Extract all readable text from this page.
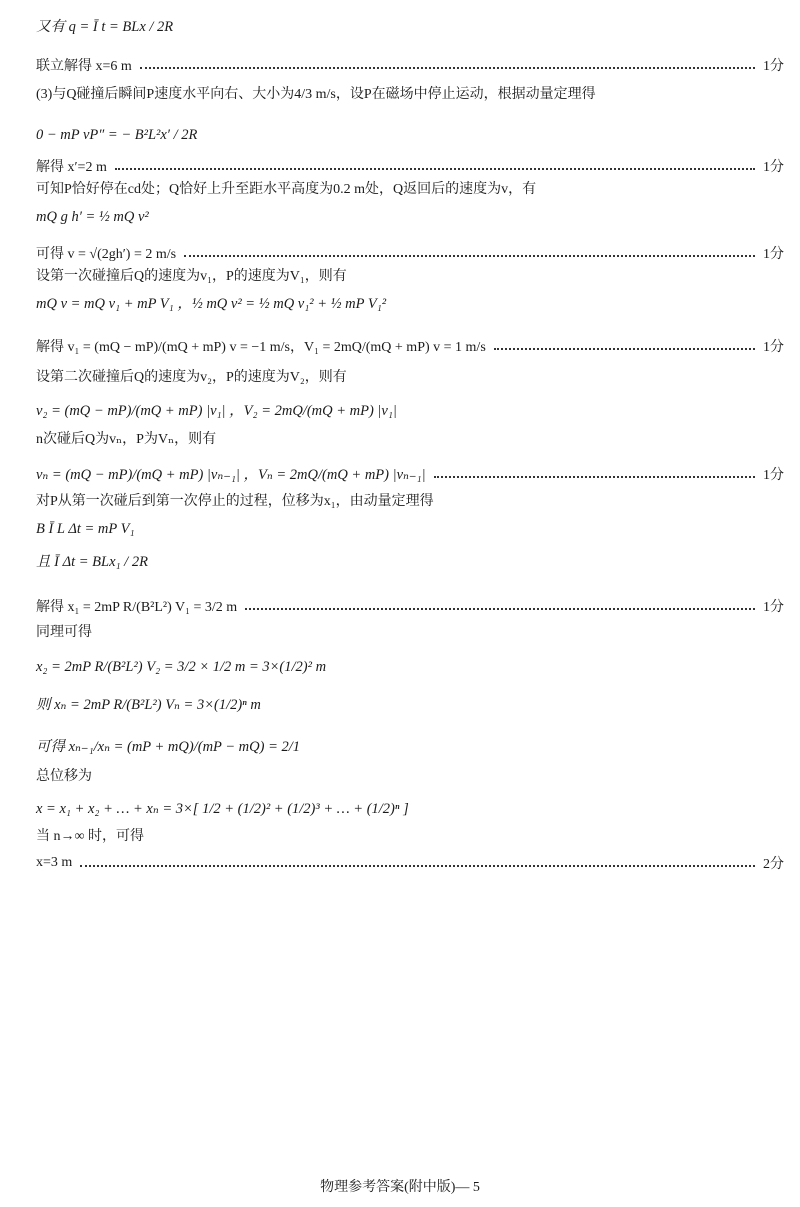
又有 q = Ī t = BLx / 2R
联立解得 x=6 m	1分
(3)与Q碰撞后瞬间P速度水平向右、大小为4/3 m/s，设P在磁场中停止运动，根据动量定理得
0 − mP vP″ = − B²L²x′ / 2R
解得 x′=2 m	1分
可知P恰好停在cd处；Q恰好上升至距水平高度为0.2 m处，Q返回后的速度为v，有
mQ g h′ = ½ mQ v²
可得 v = √(2gh′) = 2 m/s	1分
设第一次碰撞后Q的速度为v₁，P的速度为V₁，则有
mQ v = mQ v₁ + mP V₁ ，½ mQ v² = ½ mQ v₁² + ½ mP V₁²
解得 v₁ = (mQ − mP)/(mQ + mP) v = −1 m/s，V₁ = 2mQ/(mQ + mP) v = 1 m/s	1分
设第二次碰撞后Q的速度为v₂，P的速度为V₂，则有
v₂ = (mQ − mP)/(mQ + mP) |v₁| ，V₂ = 2mQ/(mQ + mP) |v₁|
n次碰后Q为vₙ，P为Vₙ，则有
vₙ = (mQ − mP)/(mQ + mP) |vₙ₋₁| ，Vₙ = 2mQ/(mQ + mP) |vₙ₋₁|	1分
对P从第一次碰后到第一次停止的过程，位移为x₁，由动量定理得
B Ī L Δt = mP V₁
且 Ī Δt = BLx₁ / 2R
解得 x₁ = 2mP R/(B²L²) V₁ = 3/2 m	1分
同理可得
x₂ = 2mP R/(B²L²) V₂ = 3/2 × 1/2 m = 3×(1/2)² m
则 xₙ = 2mP R/(B²L²) Vₙ = 3×(1/2)ⁿ m
可得 xₙ₋₁/xₙ = (mP + mQ)/(mP − mQ) = 2/1
总位移为
x = x₁ + x₂ + … + xₙ = 3×[ 1/2 + (1/2)² + (1/2)³ + … + (1/2)ⁿ ]
当 n→∞ 时，可得
x=3 m	2分
物理参考答案(附中版)— 5
